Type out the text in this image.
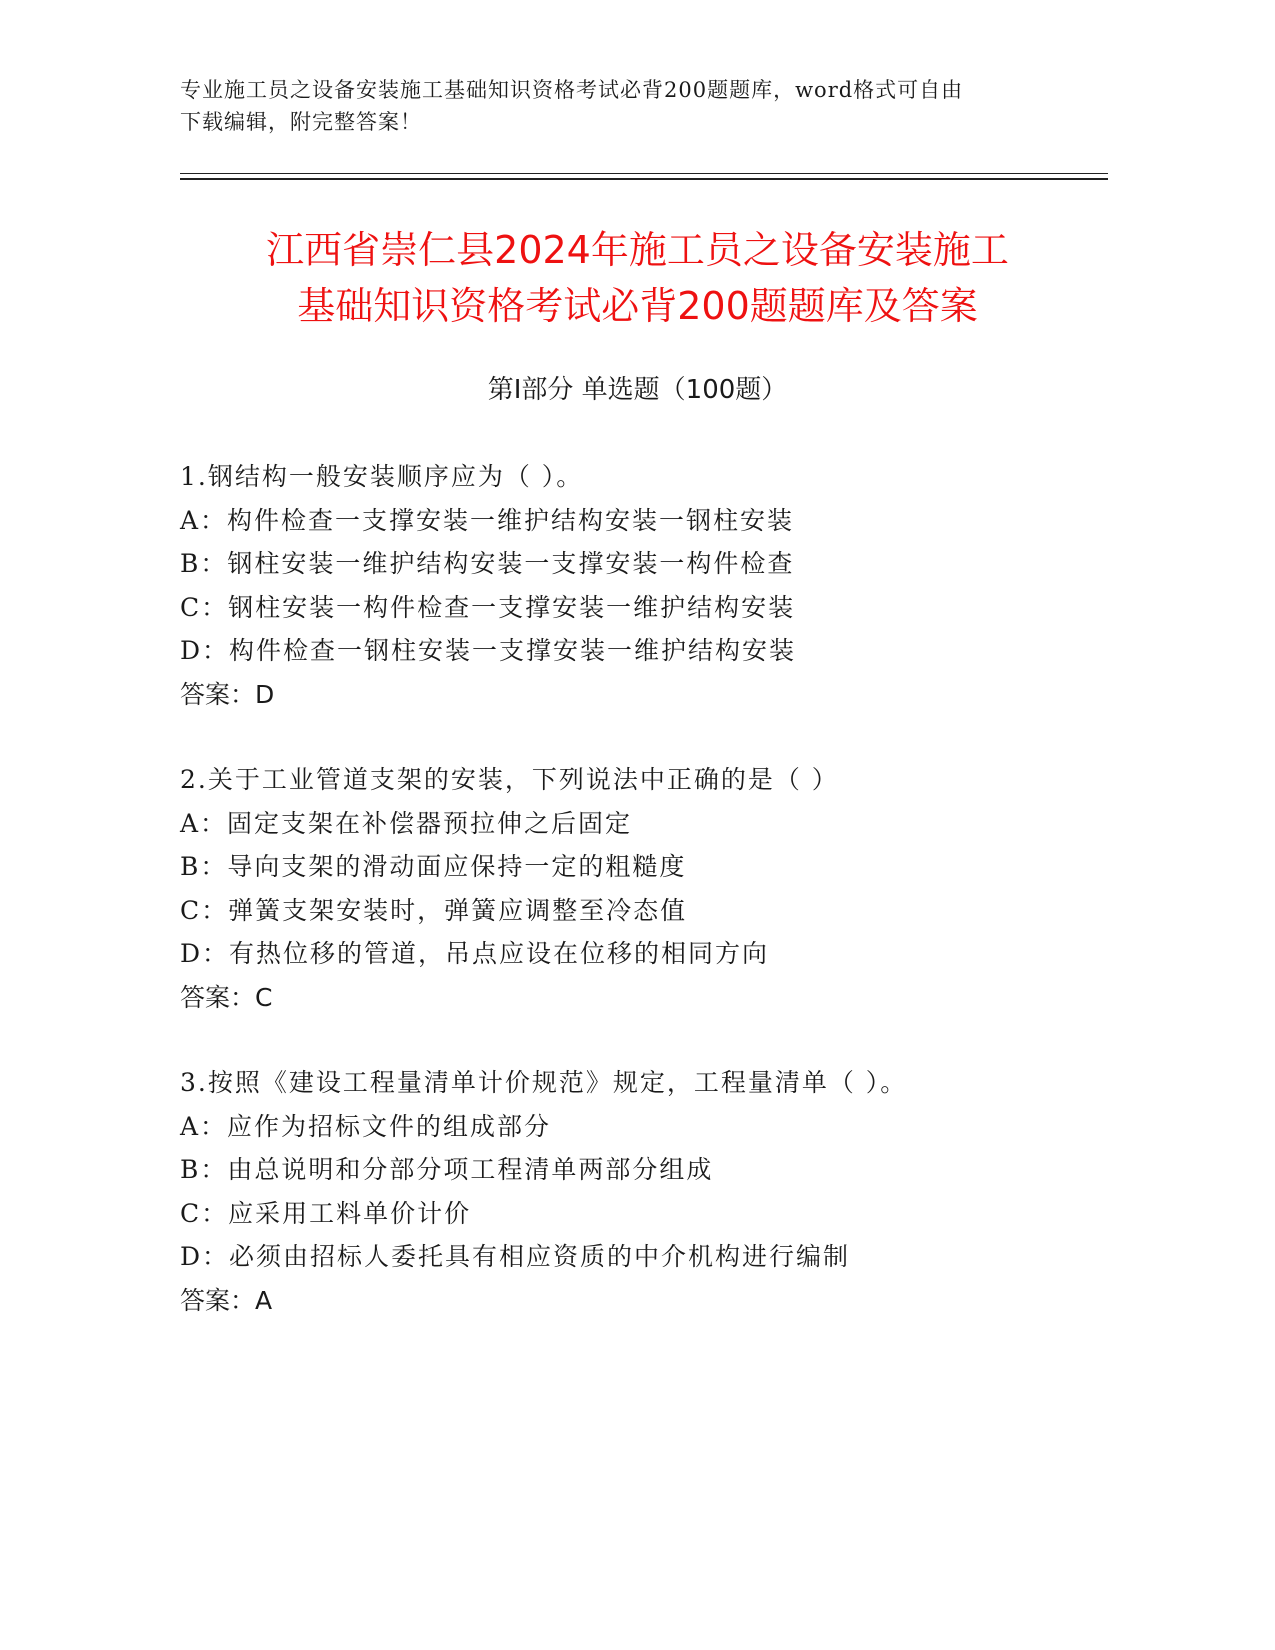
专业施工员之设备安装施工基础知识资格考试必背200题题库，word格式可自由
下载编辑，附完整答案！
江西省崇仁县2024年施工员之设备安装施工
基础知识资格考试必背200题题库及答案
第Ⅰ部分 单选题（100题）
1.钢结构一般安装顺序应为（ ）。
A：构件检查一支撑安装一维护结构安装一钢柱安装
B：钢柱安装一维护结构安装一支撑安装一构件检查
C：钢柱安装一构件检查一支撑安装一维护结构安装
D：构件检查一钢柱安装一支撑安装一维护结构安装
答案：D
2.关于工业管道支架的安装，下列说法中正确的是（ ）
A：固定支架在补偿器预拉伸之后固定
B：导向支架的滑动面应保持一定的粗糙度
C：弹簧支架安装时，弹簧应调整至冷态值
D：有热位移的管道，吊点应设在位移的相同方向
答案：C
3.按照《建设工程量清单计价规范》规定，工程量清单（ ）。
A：应作为招标文件的组成部分
B：由总说明和分部分项工程清单两部分组成
C：应采用工料单价计价
D：必须由招标人委托具有相应资质的中介机构进行编制
答案：A
